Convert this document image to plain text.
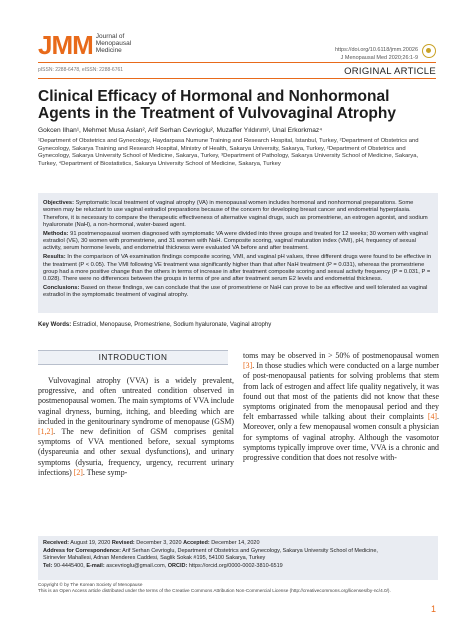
JMM Journal of
Menopausal
Medicine
pISSN: 2288-6478, eISSN: 2288-6761
https://doi.org/10.6118/jmm.20026
J Menopausal Med 2020;26:1-9
ORIGINAL ARTICLE
Clinical Efficacy of Hormonal and Nonhormonal Agents in the Treatment of Vulvovaginal Atrophy
Gokcen Ilhan¹, Mehmet Musa Aslan², Arif Serhan Cevrioglu², Muzaffer Yıldırım³, Unal Erkorkmaz⁴
¹Department of Obstetrics and Gynecology, Haydarpasa Numune Training and Research Hospital, Istanbul, Turkey, ²Department of Obstetrics and Gynecology, Sakarya Training and Research Hospital, Ministry of Health, Sakarya University, Sakarya, Turkey, ²Department of Obstetrics and Gynecology, Sakarya University School of Medicine, Sakarya, Turkey, ³Department of Pathology, Sakarya University School of Medicine, Sakarya, Turkey, ⁴Department of Biostatistics, Sakarya University School of Medicine, Sakarya, Turkey

Objectives: Symptomatic local treatment of vaginal atrophy (VA) in menopausal women includes hormonal and nonhormonal preparations. Some women may be reluctant to use vaginal estradiol preparations because of the concern for developing breast cancer and endometrial hyperplasia. Therefore, it is necessary to compare the therapeutic effectiveness of alternative vaginal drugs, such as promestriene, an estrogen agonist, and sodium hyaluronate (NaH), a non-hormonal, water-based agent.

Methods: 91 postmenopausal women diagnosed with symptomatic VA were divided into three groups and treated for 12 weeks; 30 women with vaginal estradiol (VE), 30 women with promestriene, and 31 women with NaH. Composite scoring, vaginal maturation index (VMI), pH, frequency of sexual activity, serum hormone levels, and endometrial thickness were evaluated VA before and after treatment.

Results: In the comparison of VA examination findings composite scoring, VMI, and vaginal pH values, three different drugs were found to be effective in the treatment (P < 0.05). The VMI following VE treatment was significantly higher than that after NaH treatment (P = 0.031), whereas the promestriene group had a more positive change than the others in terms of increase in after treatment composite scoring and sexual activity frequency (P = 0.031, P = 0.028). There were no differences between the groups in terms of pre and after treatment serum E2 levels and endometrial thickness.

Conclusions: Based on these findings, we can conclude that the use of promestriene or NaH can prove to be as effective and well tolerated as vaginal estradiol in the symptomatic treatment of vaginal atrophy.

Key Words: Estradiol, Menopause, Promestriene, Sodium hyaluronate, Vaginal atrophy
INTRODUCTION
Vulvovaginal atrophy (VVA) is a widely prevalent, progressive, and often untreated condition observed in postmenopausal women. The main symptoms of VVA include vaginal dryness, burning, itching, and bleeding which are included in the genitourinary syndrome of menopause (GSM) [1,2]. The new definition of GSM comprises genital symptoms of VVA mentioned before, sexual symptoms (dyspareunia and other sexual dysfunctions), and urinary symptoms (dysuria, frequency, urgency, recurrent urinary infections) [2]. These symp-
toms may be observed in > 50% of postmenopausal women [3]. In those studies which were conducted on a large number of post-menopausal patients for solving problems that stem from lack of estrogen and affect life quality negatively, it was found out that most of the patients did not know that these symptoms originated from the menopausal period and they felt embarrassed while talking about their complaints [4]. Moreover, only a few menopausal women consult a physician for symptoms of vaginal atrophy. Although the vasomotor symptoms typically improve over time, VVA is a chronic and progressive condition that does not resolve with-
Received: August 19, 2020 Revised: December 3, 2020 Accepted: December 14, 2020
Address for Correspondence: Arif Serhan Cevrioglu, Department of Obstetrics and Gynecology, Sakarya University School of Medicine,
Sirinevler Mahallesi, Adnan Menderes Caddesi, Saglik Sokak #195, 54100 Sakarya, Turkey
Tel: 90-4445400, E-mail: ascevrioglu@gmail.com, ORCID: https://orcid.org/0000-0002-3810-6519
Copyright © by The Korean Society of Menopause
This is an Open Access article distributed under the terms of the Creative Commons Attribution Non-Commercial License (http://creativecommons.org/licenses/by-nc/4.0/).
1
